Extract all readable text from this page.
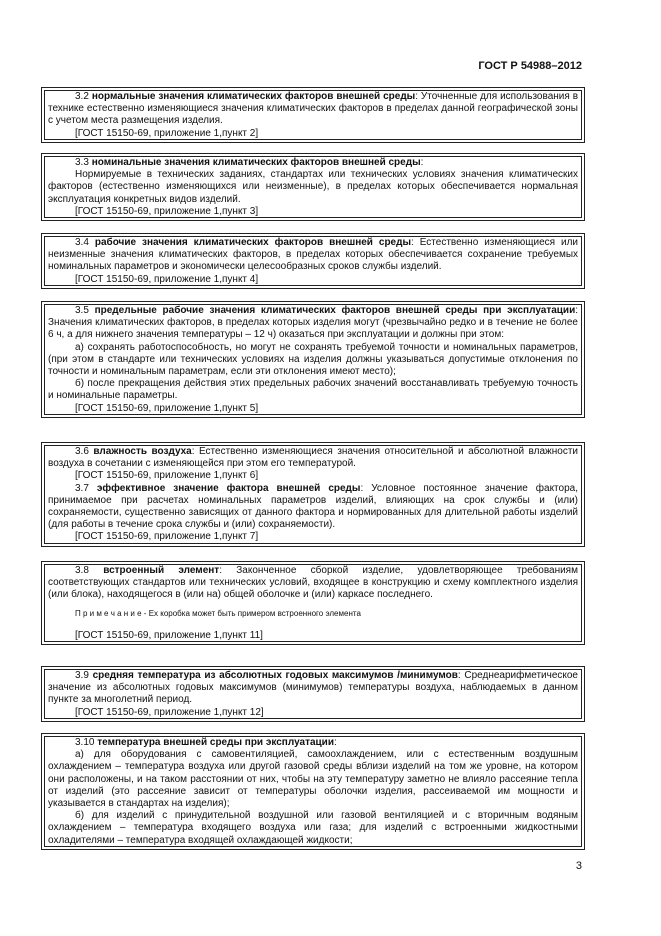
ГОСТ Р 54988–2012

3.2 нормальные значения климатических факторов внешней среды: Уточненные для использования в технике естественно изменяющиеся значения климатических факторов в пределах данной географической зоны с учетом места размещения изделия.

[ГОСТ 15150-69, приложение 1,пункт 2]

3.3 номинальные значения климатических факторов внешней среды:

Нормируемые в технических заданиях, стандартах или технических условиях значения климатических факторов (естественно изменяющихся или неизменные), в пределах которых обеспечивается нормальная эксплуатация конкретных видов изделий.

[ГОСТ 15150-69, приложение 1,пункт 3]

3.4 рабочие значения климатических факторов внешней среды: Естественно изменяющиеся или неизменные значения климатических факторов, в пределах которых обеспечивается сохранение требуемых номинальных параметров и экономически целесообразных сроков службы изделий.

[ГОСТ 15150-69, приложение 1,пункт 4]

3.5 предельные рабочие значения климатических факторов внешней среды при эксплуатации: Значения климатических факторов, в пределах которых изделия могут (чрезвычайно редко и в течение не более 6 ч, а для нижнего значения температуры – 12 ч) оказаться при эксплуатации и должны при этом:

а) сохранять работоспособность, но могут не сохранять требуемой точности и номинальных параметров, (при этом в стандарте или технических условиях на изделия должны указываться допустимые отклонения по точности и номинальным параметрам, если эти отклонения имеют место);

б) после прекращения действия этих предельных рабочих значений восстанавливать требуемую точность и номинальные параметры.

[ГОСТ 15150-69, приложение 1,пункт 5]

3.6 влажность воздуха: Естественно изменяющиеся значения относительной и абсолютной влажности воздуха в сочетании с изменяющейся при этом его температурой.

[ГОСТ 15150-69, приложение 1,пункт 6]

3.7 эффективное значение фактора внешней среды: Условное постоянное значение фактора, принимаемое при расчетах номинальных параметров изделий, влияющих на срок службы и (или) сохраняемости, существенно зависящих от данного фактора и нормированных для длительной работы изделий (для работы в течение срока службы и (или) сохраняемости).

[ГОСТ 15150-69, приложение 1,пункт 7]

3.8 встроенный элемент: Законченное сборкой изделие, удовлетворяющее требованиям соответствующих стандартов или технических условий, входящее в конструкцию и схему комплектного изделия (или блока), находящегося в (или на) общей оболочке и (или) каркасе последнего.

П р и м е ч а н и е - Ех коробка может быть примером встроенного элемента

[ГОСТ 15150-69, приложение 1,пункт 11]

3.9 средняя температура из абсолютных годовых максимумов /минимумов: Среднеарифметическое значение из абсолютных годовых максимумов (минимумов) температуры воздуха, наблюдаемых в данном пункте за многолетний период.

[ГОСТ 15150-69, приложение 1,пункт 12]

3.10 температура внешней среды при эксплуатации:

а) для оборудования с самовентиляцией, самоохлаждением, или с естественным воздушным охлаждением – температура воздуха или другой газовой среды вблизи изделий на том же уровне, на котором они расположены, и на таком расстоянии от них, чтобы на эту температуру заметно не влияло рассеяние тепла от изделий (это рассеяние зависит от температуры оболочки изделия, рассеиваемой им мощности и указывается в стандартах на изделия);

б) для изделий с принудительной воздушной или газовой вентиляцией и с вторичным водяным охлаждением – температура входящего воздуха или газа; для изделий с встроенными жидкостными охладителями – температура входящей охлаждающей жидкости;

3
